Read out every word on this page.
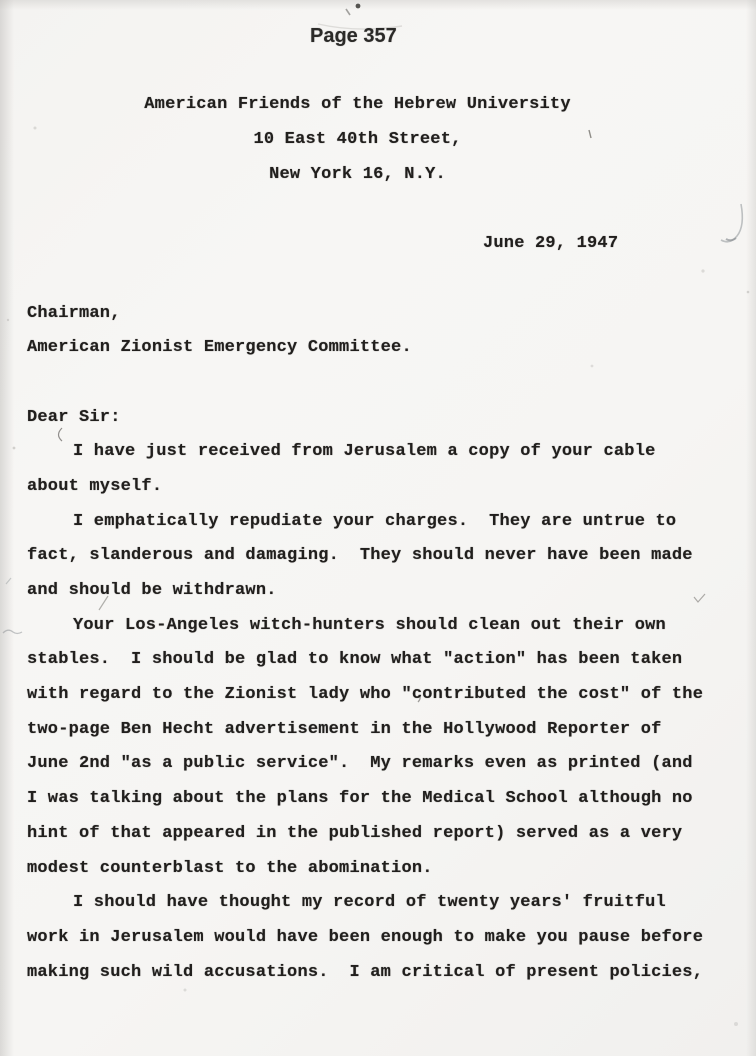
Page 357
American Friends of the Hebrew University
10 East 40th Street,
New York 16, N.Y.
June 29, 1947
Chairman,
American Zionist Emergency Committee.
Dear Sir:
I have just received from Jerusalem a copy of your cable
about myself.
I emphatically repudiate your charges.  They are untrue to
fact, slanderous and damaging.  They should never have been made
and should be withdrawn.
Your Los-Angeles witch-hunters should clean out their own
stables.  I should be glad to know what "action" has been taken
with regard to the Zionist lady who "contributed the cost" of the
two-page Ben Hecht advertisement in the Hollywood Reporter of
June 2nd "as a public service".  My remarks even as printed (and
I was talking about the plans for the Medical School although no
hint of that appeared in the published report) served as a very
modest counterblast to the abomination.
I should have thought my record of twenty years' fruitful
work in Jerusalem would have been enough to make you pause before
making such wild accusations.  I am critical of present policies,
